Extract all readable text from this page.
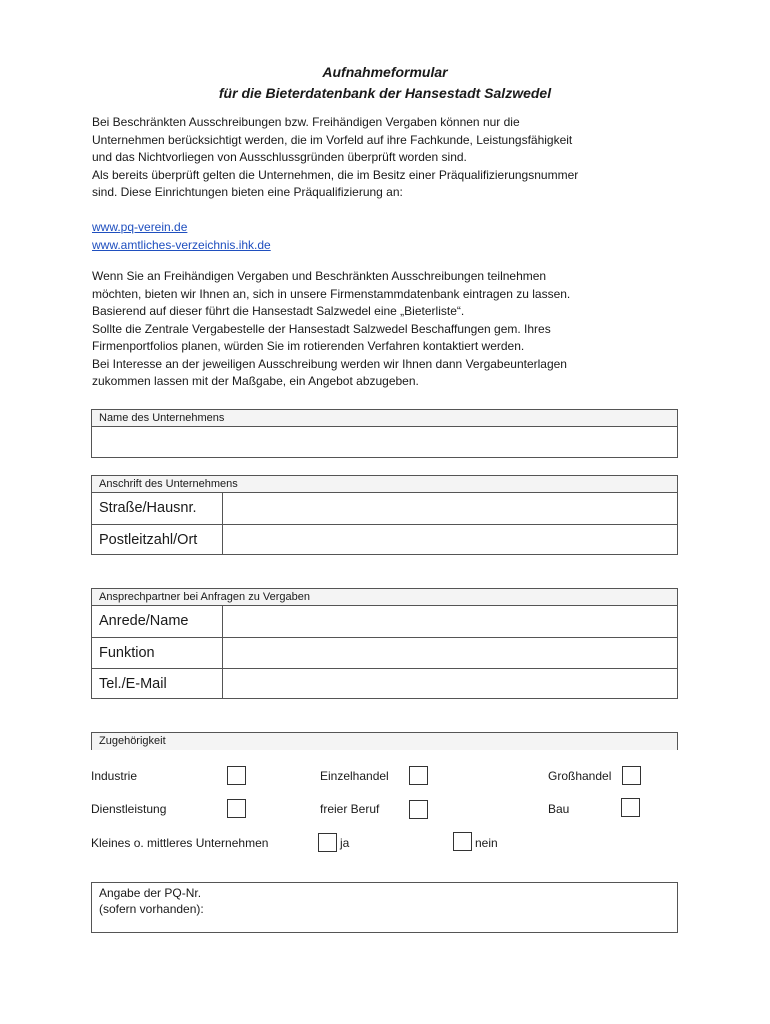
Aufnahmeformular
für die Bieterdatenbank der Hansestadt Salzwedel
Bei Beschränkten Ausschreibungen bzw. Freihändigen Vergaben können nur die
Unternehmen berücksichtigt werden, die im Vorfeld auf ihre Fachkunde, Leistungsfähigkeit
und das Nichtvorliegen von Ausschlussgründen überprüft worden sind.
Als bereits überprüft gelten die Unternehmen, die im Besitz einer Präqualifizierungsnummer
sind. Diese Einrichtungen bieten eine Präqualifizierung an:
www.pq-verein.de
www.amtliches-verzeichnis.ihk.de
Wenn Sie an Freihändigen Vergaben und Beschränkten Ausschreibungen teilnehmen
möchten, bieten wir Ihnen an, sich in unsere Firmenstammdatenbank eintragen zu lassen.
Basierend auf dieser führt die Hansestadt Salzwedel eine „Bieterliste“.
Sollte die Zentrale Vergabestelle der Hansestadt Salzwedel Beschaffungen gem. Ihres
Firmenportfolios planen, würden Sie im rotierenden Verfahren kontaktiert werden.
Bei Interesse an der jeweiligen Ausschreibung werden wir Ihnen dann Vergabeunterlagen
zukommen lassen mit der Maßgabe, ein Angebot abzugeben.
Name des Unternehmens
Anschrift des Unternehmens
Straße/Hausnr.
Postleitzahl/Ort
Ansprechpartner bei Anfragen zu Vergaben
Anrede/Name
Funktion
Tel./E-Mail
Zugehörigkeit
Industrie	Einzelhandel	Großhandel
Dienstleistung	freier Beruf	Bau
Kleines o. mittleres Unternehmen	ja	nein
Angabe der PQ-Nr.
(sofern vorhanden):
